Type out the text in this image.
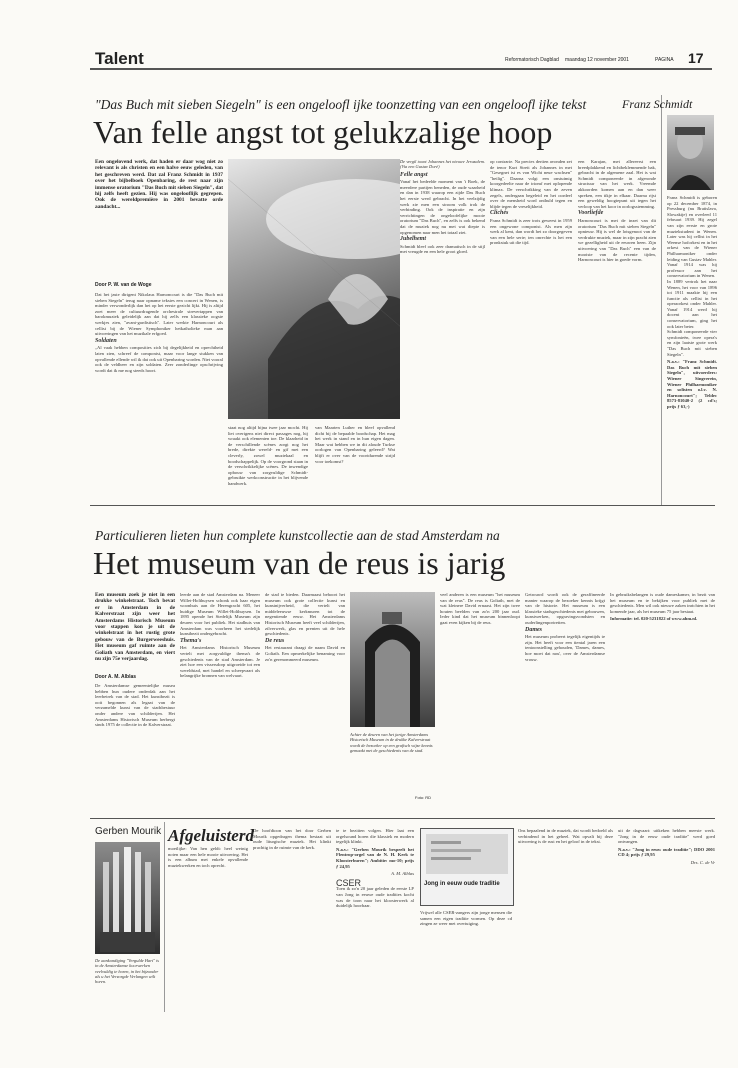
Talent	Reformatorisch Dagblad maandag 12 november 2001	PAGINA 17
"Das Buch mit sieben Siegeln" is een ongeloofl ijke toonzetting van een ongeloofl ijke tekst
Van felle angst tot gelukzalige hoop
Een ongelovend werk, dat haden er daar wog niet zo relevant is als christen en een halve eeuw geleden, van het geschreven werd. Dat zal Franz Schmidt in 1937 over het bijbelboek Openbaring, de rest naar zijn immense oratorium "Das Buch mit sieben Siegeln", dat hij zelfs heeft gezien. Hij was ongelooflijk gegrepen. Ook de wereldpremière in 2001 bevatte orde aandacht...
Door P. W. van de Woge
Dat het jaste dirigent Nikolaus Harnoncourt is die "Das Buch mit sieben Siegeln" terug naar opname tekstes een concert in Wenen, is minder verwonderlijk dan het op het eerste gezicht lijkt. Hij is altijd zoet meer de cultuurdragende orchestrale strevertappen van barokmuziek geleidelijk aan dat hij zelfs een klassieke oogste werkjes zien, "avant-gardistisch". Later werkte Harnoncourt als cellist bij de Wiener Symphoniker hetkatholieke man aan uitvoeringen van het muzikale erfgoed.
Soldaten
„Al vaak hebben composities zich bij degelijkheid en oprechtheid laten zien, schreef de componist, maar voor lange stukken van opvallende ellende wil ik dat ook uit Openbaring worden. Niet vooral ook de veldheer en zijn soldaten. Zeer zonderlinge opschrijving wordt dat ik me nog steeds hoort.
staat nog altijd bijna twee jaar mocht. Hij liet overigens niet direct passages nog, hij wraakt ook elementen toe. De klaarheid in de verschillende scènes zorgt nog het brede, direkte wereld- en gif met een cleverly, zowel muziekaal en boodschappelijk. Op de voorgrond staan in de verschrikkelijke scènes. De inwendige opbouw van zorgvuldige Schmidt-gebruikte werkconstructie in het blijvende handwerk.
van Maarten Luther en bleef opvallend dicht bij de bepaalde boodschap. Het mag het werk in stand en in hun eigen dagen. Maar wat hebben we in dit aloude Turkse oorlogen van Openbaring geleerd? Wat blijft er over van de voortdurende strijd voor toekomst?
De vergil toont Johannes het nieuwe Jeruzalem. (Via een Gustav Doré)
Felle angst
Vanaf het bedeelde moment van 't Boek, de meerdere partijen beneden, de oude waarheid en dan in 1938 waarop een zijde Das Buch het eerste werd gebracht. In het veelzijdig werk zie men een stroom volk trok de verbinding. Ook de inspiratie en zijn verrichtingen de ongeloofelijke mooie oratorium "Das Buch", en zelfs is ook bekend dat de muziek nog nu met wat diepte is opgenomen naar men het totaal ziet.
Jubelhemt
Schmidt bleef ook zeer dramatisch in de stijl met vreugde en een hele groot gloed.
op contrarie. Na precies dertien avonden zet de tenor Kurt Streit als Johannes in met "Gesegnet ist es von Wicht neue wachsen" "heilig". Daarna volgt een onstuimig koorgedeelte naar de triomf met oplopende klimax. De verschrikking van de zeven zegels, ondergaan begeleid en het oordeel over de mensheid word onthuld tegen en blijde tegen de vreselijkheid.
Clichés
Franz Schmidt is zeer trots geweest in 1959 een ongewone componist. Als men zijn werk al kent, dan wordt het zo doorgegeven van een hele serie; ten onrechte is het een pronkstuk uit die tijd.
een Karajan, met allereerst een breedplakkend en lichtbeklemmende bak, gebracht in de algemene zaal. Het is wat Schmidt componeerde in afgeronde structuur van het werk. Vreemde akkoorden komen aan en dan weer spreken, een tikje in elkaar. Daarna rijst een geweldig hoogtepunt uit tegen het verloop van het koor in oorlogsstemming.
Voorliefde
Harnoncourt is met de inzet van dit oratorium "Das Buch mit sieben Siegeln" opnieuw. Hij is wel de lotsgenoot van de verdrukte muziek, maar in zijn pracht zien we gezelligheid uit de eeuwen heen. Zijn uitvoering van "Das Buch" een van de mooiste van de recente tijden, Harnoncourt is hier in goede vorm.
Franz Schmidt
Franz Schmidt is geboren op 22 december 1874, in Pressburg (nu Bratislava, Slowakije) en overleed 11 februari 1939. Hij zegel van zijn eerste en grote muziekstudent in Wenen. Later was hij cellist in het Weense hoforkest en in het orkest van de Wiener Philharmoniker onder leiding van Gustav Mahler. Vanaf 1914 was hij professor aan het conservatorium in Wenen.
In 1889 vertrok het naar Wenen, het voor van 1896 tot 1911 maakte hij een functie als cellist in het operaorkest onder Mahler. Vanaf 1914 werd hij docent aan het conservatorium, ging het ook later beter.
Schmidt componeerde vier symfonieën, twee opera's en zijn laatste grote werk "Das Buch mit sieben Siegeln".
N.a.v.: "Franz Schmidt. Das Buch mit sieben Siegeln", uitvoerders: Wiener Singverein, Wiener Philharmoniker en solisten o.l.v. N. Harnoncourt"; Teldec 8573-81040-2 (2 cd's; prijs ƒ 63,-)
Particulieren lieten hun complete kunstcollectie aan de stad Amsterdam na
Het museum van de reus is jarig
Een museum zoek je niet in een drukke winkelstraat. Toch bevat er in Amsterdam in de Kalverstraat zijn weer het Amsterdams Historisch Museum voor stappen kon je uit de winkelstraat in het rustig grote gebouw van de Burgerweeshuis. Het museum gaf ruimte aan de Goliath van Amsterdam, en viert nu zijn 75e verjaardag.
Door A. M. Alblas
De Amsterdamse gemeentelijke musea hebben hun oudere onderdak aan het leerbetrek van de stad. Het kunstbezit is ooit begonnen als legaat van de verzamelde kunst van de stadsbestuur onder andere van schilderijen. Het Amsterdams Historisch Museum herbergt sinds 1975 de collectie in de Kalverstraat.
leerde aan de stad Amsterdam na. Meneer Willet-Holthuysen schonk ook haar eigen woonhuis aan de Herengracht 605, het huidige Museum Willet-Holthuysen. In 1895 opende het Stedelijk Museum zijn deuren voor het publiek. Het stadhuis van Amsterdam was voorheen het stedelijk kunstbezit ondergebracht.
Thema's
Het Amsterdams Historisch Museum vertelt met zorgvuldige thema's de geschiedenis van de stad Amsterdam. Je ziet hoe een vissersdorp uitgroeide tot een wereldstad, met handel en scheepvaart als belangrijke bronnen van welvaart.
de stad te bieden. Daarmaast behoort het museum ook grote collectie kunst en kunstnijverheid, die vertelt van middeleeuwse kerkmuren tot de negentiende eeuw. Het Amsterdams Historisch Museum heeft veel schilderijen, zilverwerk, glas en prenten uit de hele geschiedenis.
De reus
Het restaurant draagt de naam David en Goliath. Een opmerkelijke benaming voor zo'n gerenommeerd museum.
Achter de deuren van het jarige Amsterdams Historisch Museum in de drukke Kalverstraat wordt de bezoeker op een grafisch wijze kennis gemaakt met de geschiedenis van de stad.
Foto: RD
veel anderen is een museum "het museum van de reus". De reus is Goliath, met de wat kleinere David ernaast. Het zijn twee houten beelden van zo'n 200 jaar oud. Ieder kind dat het museum binnenloopt gaat even kijken bij de reus.
Getrouwd wordt ook de geraffineerde manier waarop de bezoeker kennis krijgt van de historie. Het museum is een klassieke stadsgeschiedenis met gebouwen, kunstwerken, opgravingsvondsten en ouderlingenportretten.
Dames
Het museum probeert tegelijk eigentijds te zijn. Het heeft voor een tiental jaren een tentoonstelling gehouden, 'Dames, dames, hoe moet dat nou', over de Amsterdamse vrouw.
In gebruiksbelangen is oude dameskamer, in bezit van het museum en te bekijken voor publiek met de geschiedenis. Men wil ook nieuwe zaken inrichten in het komende jaar, als het museum 75 jaar bestaat.
Informatie: tel. 020-5231822 of www.ahm.nl.
Gerben Mourik
De aankondiging "Vergulde Hart" is in de Amsterdamse koorwerken veelvuldig te horen, in het bijzonder als u het Verzorgde Verlangen wilt horen.
Afgeluisterd
moeilijke: Van hen geldt: heel weinig noten maar een hele mooie uitvoering. Het is een album met enkele opvallende muziekwerken en toch oprecht.
De hoofdtoon van het door Gerben Mourik opgedragen thema bestaat uit oude liturgische muziek. Het klinkt prachtig in de ruimte van de kerk.
te te bezitten volgen. Hier laat een orgelsound horen die klassiek en modern tegelijk klinkt.
N.a.v.: "Gerben Mourik bespeelt het Flentrop-orgel van de N. H. Kerk te Kloosterburen"; Ambitie: mo-10; prijs ƒ 24,95
A. M. Alblas
CSER
Toen ik zo'n 20 jaar geleden de eerste LP van Jong in eeuwe oude tradities kocht was de toon naar het kloosterwerk al duidelijk hoorbaar.
Jong in eeuw oude traditie
Vrijwel alle CSER-zangers zijn jonge mensen die samen een eigen traditie vormen. Op deze cd zingen ze weer met overtuiging.
Ons bepaalend in de muziek, dat wordt bedoeld als verbindend in het geheel. Wat opvalt bij deze uitvoering is de rust en het geloof in de tekst.
uit de dagvaart: uitkeken hebben meeste werk. "Jong in de eeuw oude traditie" werd goed ontvangen.
N.a.v.: "Jong in eeuw oude traditie"; DDO 2001 CD 4; prijs ƒ 29,95
Drs. C. de Vr
